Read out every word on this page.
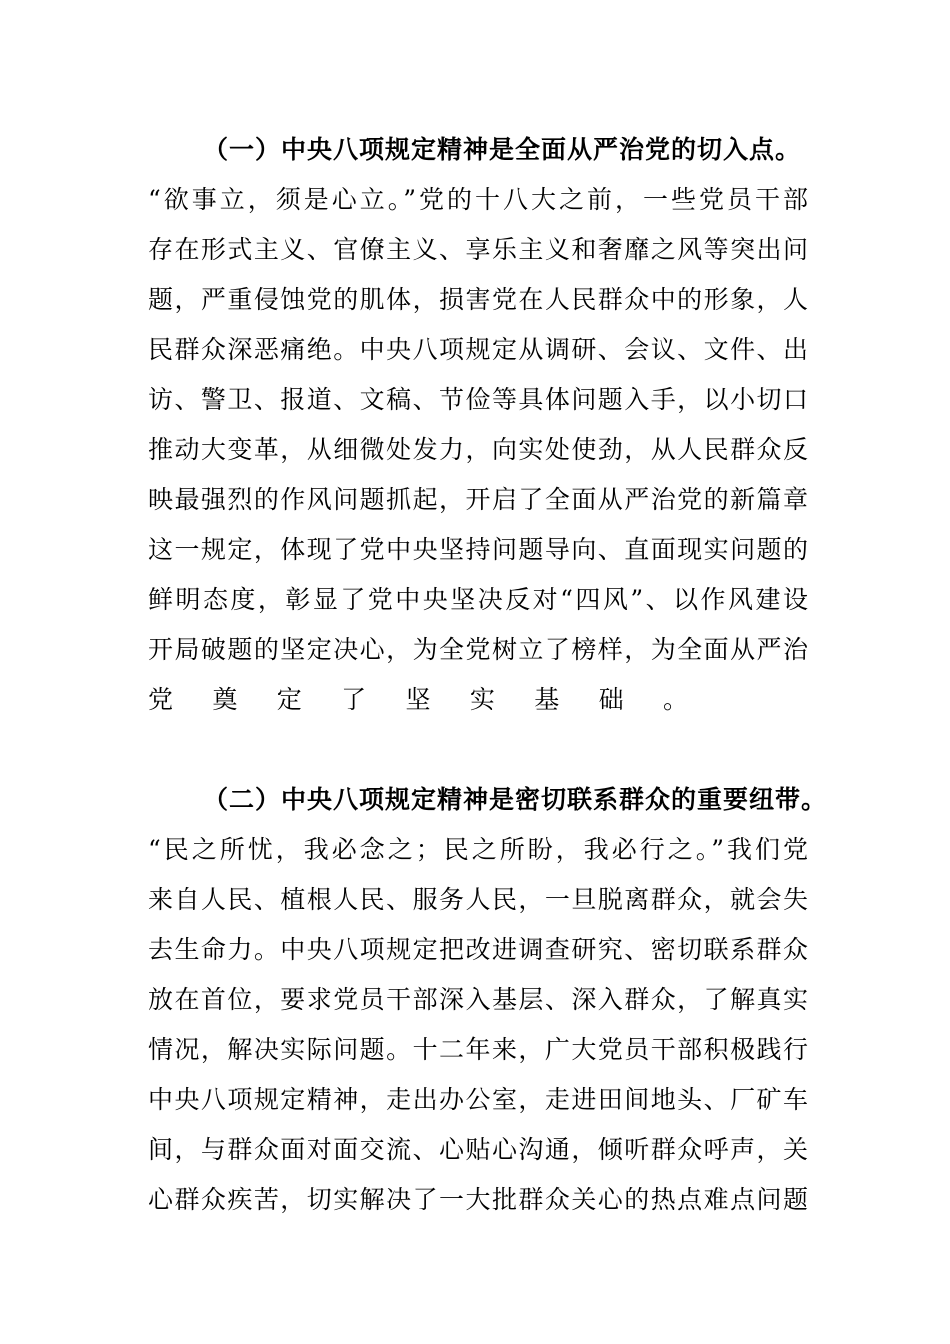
（一）中央八项规定精神是全面从严治党的切入点。
“欲事立，须是心立。”党的十八大之前，一些党员干部
存在形式主义、官僚主义、享乐主义和奢靡之风等突出问
题，严重侵蚀党的肌体，损害党在人民群众中的形象，人
民群众深恶痛绝。中央八项规定从调研、会议、文件、出
访、警卫、报道、文稿、节俭等具体问题入手，以小切口
推动大变革，从细微处发力，向实处使劲，从人民群众反
映最强烈的作风问题抓起，开启了全面从严治党的新篇章
这一规定，体现了党中央坚持问题导向、直面现实问题的
鲜明态度，彰显了党中央坚决反对“四风”、以作风建设
开局破题的坚定决心，为全党树立了榜样，为全面从严治
党奠定了坚实基础。
（二）中央八项规定精神是密切联系群众的重要纽带。
“民之所忧，我必念之；民之所盼，我必行之。”我们党
来自人民、植根人民、服务人民，一旦脱离群众，就会失
去生命力。中央八项规定把改进调查研究、密切联系群众
放在首位，要求党员干部深入基层、深入群众，了解真实
情况，解决实际问题。十二年来，广大党员干部积极践行
中央八项规定精神，走出办公室，走进田间地头、厂矿车
间，与群众面对面交流、心贴心沟通，倾听群众呼声，关
心群众疾苦，切实解决了一大批群众关心的热点难点问题
